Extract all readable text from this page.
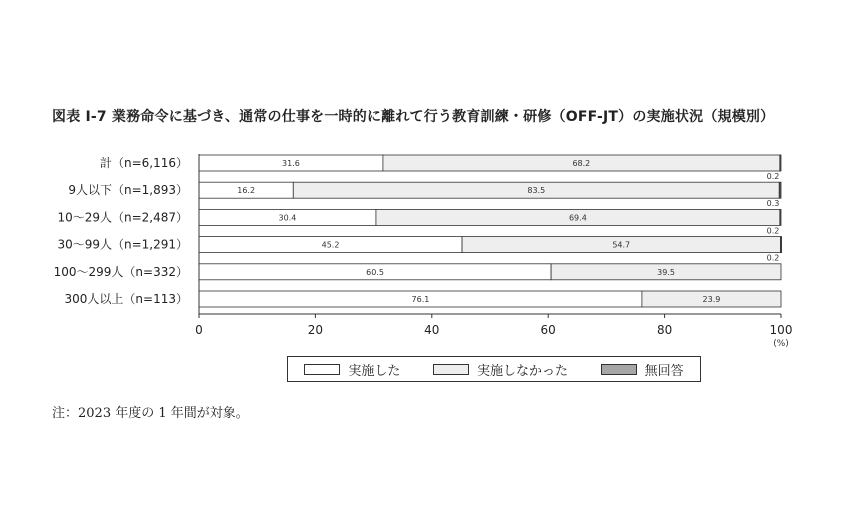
図表 Ⅰ-7 業務命令に基づき、通常の仕事を一時的に離れて行う教育訓練・研修（OFF-JT）の実施状況（規模別）
計（n=6,116）	31.6	68.2
0.2
9人以下（n=1,893）	16.2	83.5
0.3
10～29人（n=2,487）	30.4	69.4
0.2
30～99人（n=1,291）	45.2	54.7
0.2
100～299人（n=332）	60.5	39.5
300人以上（n=113）	76.1	23.9
0	20	40	60	80	100
(%)
実施した	実施しなかった	無回答
注：2023 年度の 1 年間が対象。
